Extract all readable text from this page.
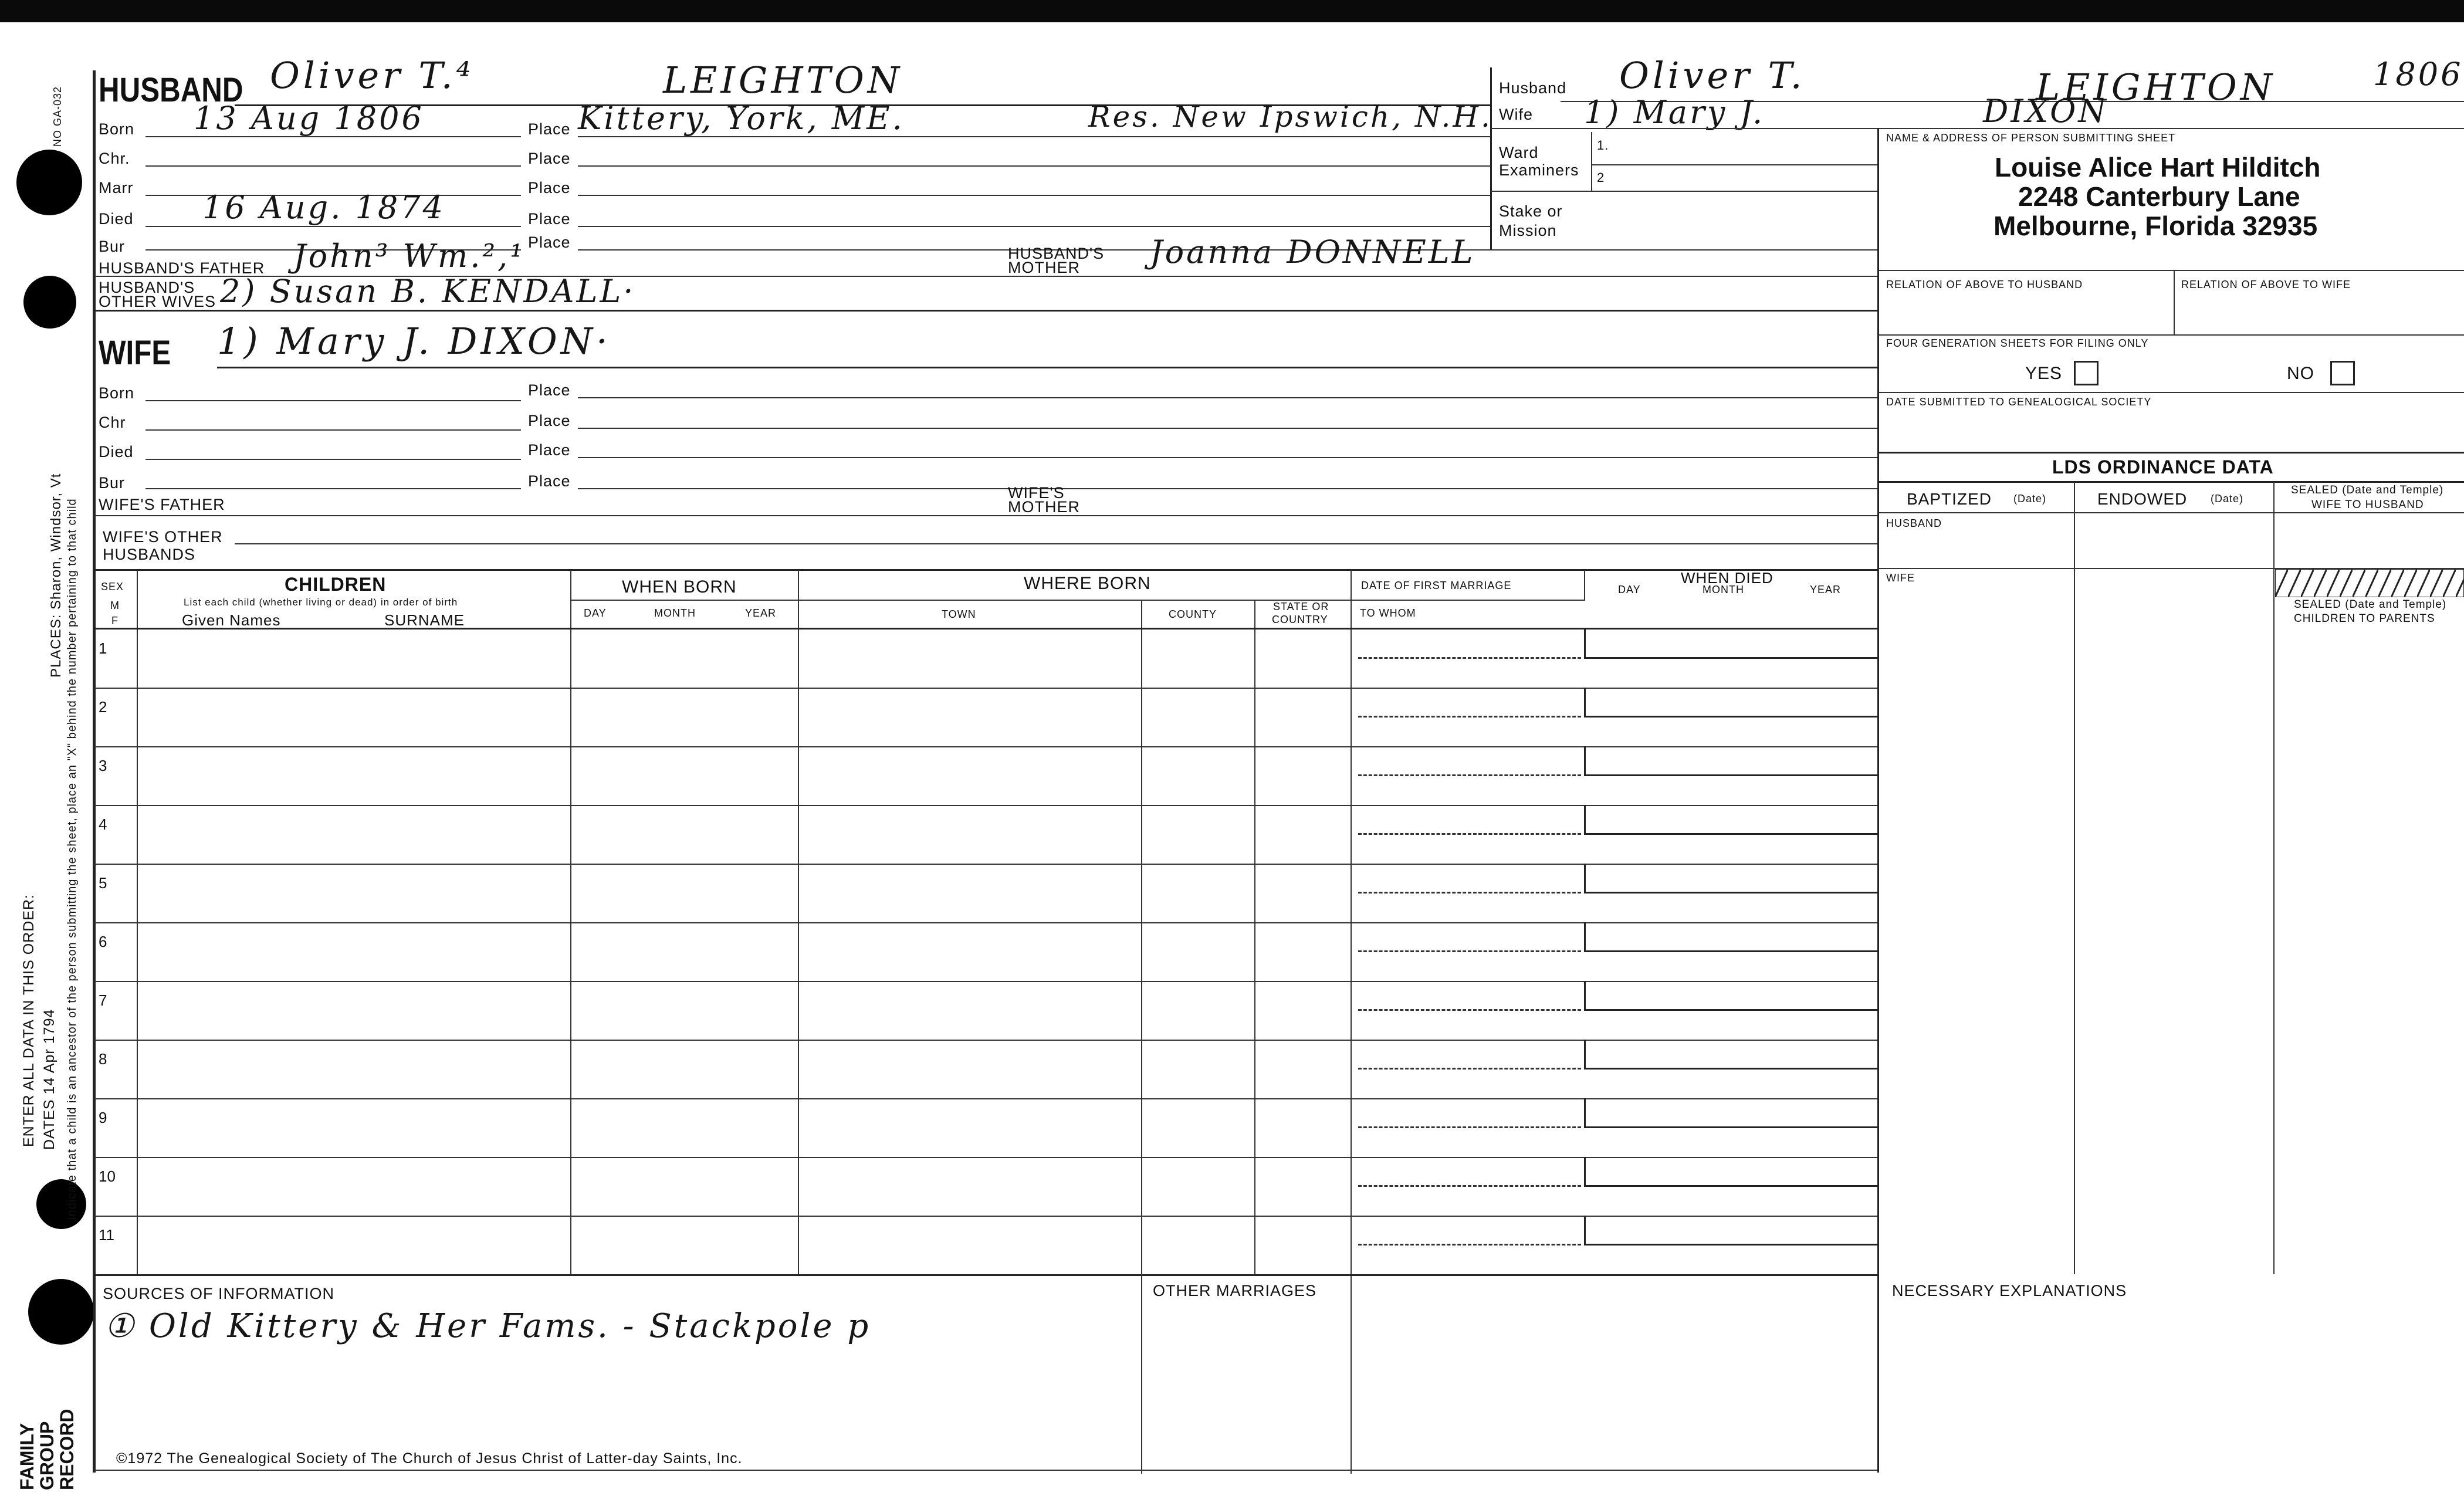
NO GA-032
PLACES: Sharon, Windsor, Vt Indicate that a child is an ancestor of the person submitting the sheet, place an "X" behind the number pertaining to that child
ENTER ALL DATA IN THIS ORDER: DATES 14 Apr 1794
FAMILY
GROUP
RECORD
HUSBAND Oliver T.⁴	LEIGHTON
Born 13 Aug 1806	Place Kittery, York, ME.	Res. New Ipswich, N.H.
Chr.	Place
Marr	Place
Died 16 Aug. 1874	Place
Bur	Place
HUSBAND'S FATHER John³ Wm.²,¹	HUSBAND'S
MOTHER	Joanna DONNELL
HUSBAND'S
OTHER WIVES 2) Susan B. KENDALL·
WIFE 1) Mary J. DIXON·
Born	Place
Chr	Place
Died	Place
Bur	Place
WIFE'S FATHER
WIFE'S
MOTHER
WIFE'S OTHER
HUSBANDS
Husband Oliver T.	LEIGHTON	1806
Wife 1) Mary J.	DIXON
Ward
Examiners
1.
2
Stake or
Mission
NAME & ADDRESS OF PERSON SUBMITTING SHEET
Louise Alice Hart Hilditch
2248 Canterbury Lane
Melbourne, Florida 32935
RELATION OF ABOVE TO HUSBAND	RELATION OF ABOVE TO WIFE
FOUR GENERATION SHEETS FOR FILING ONLY
YES	NO
DATE SUBMITTED TO GENEALOGICAL SOCIETY
LDS ORDINANCE DATA
BAPTIZED (Date)	ENDOWED (Date)
SEALED (Date and Temple)
WIFE TO HUSBAND
HUSBAND
WIFE
SEALED (Date and Temple)
CHILDREN TO PARENTS
SEX
M
F
CHILDREN
List each child (whether living or dead) in order of birth
Given Names	SURNAME
WHEN BORN
DAY	MONTH	YEAR
WHERE BORN
TOWN	COUNTY
STATE OR
COUNTRY
DATE OF FIRST MARRIAGE
TO WHOM
WHEN DIED
DAY	MONTH	YEAR
1
2
3
4
5
6
7
8
9
10
11
SOURCES OF INFORMATION
① Old Kittery & Her Fams. - Stackpole p
OTHER MARRIAGES	NECESSARY EXPLANATIONS
©1972 The Genealogical Society of The Church of Jesus Christ of Latter-day Saints, Inc.
